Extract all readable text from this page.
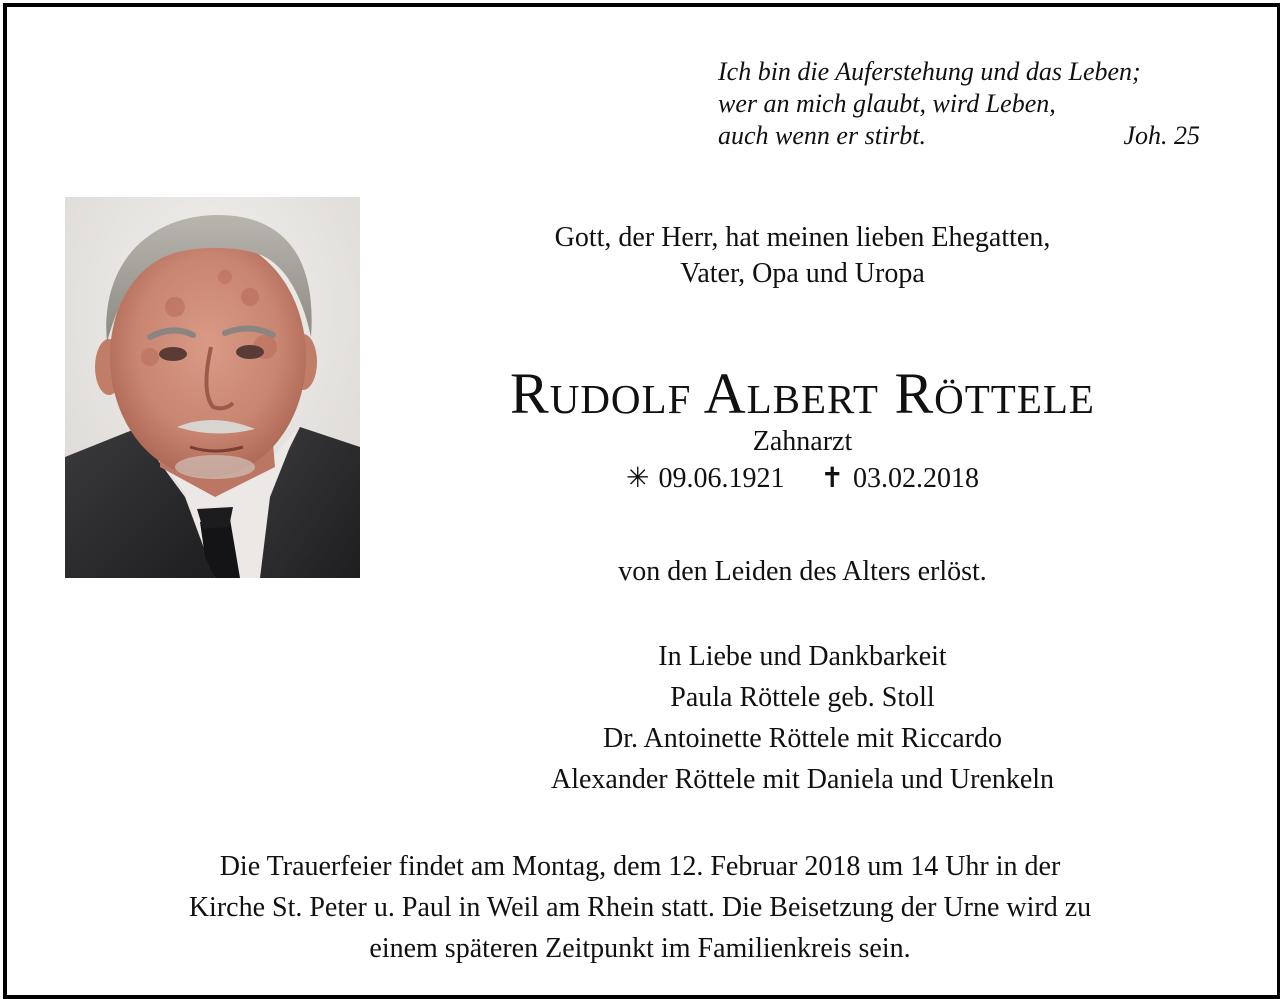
Ich bin die Auferstehung und das Leben;
wer an mich glaubt, wird Leben,
auch wenn er stirbt.	Joh. 25
Gott, der Herr, hat meinen lieben Ehegatten,
Vater, Opa und Uropa
Rudolf Albert Röttele
Zahnarzt
✳ 09.06.1921 ✝ 03.02.2018
von den Leiden des Alters erlöst.
In Liebe und Dankbarkeit
Paula Röttele geb. Stoll
Dr. Antoinette Röttele mit Riccardo
Alexander Röttele mit Daniela und Urenkeln
Die Trauerfeier findet am Montag, dem 12. Februar 2018 um 14 Uhr in der
Kirche St. Peter u. Paul in Weil am Rhein statt. Die Beisetzung der Urne wird zu
einem späteren Zeitpunkt im Familienkreis sein.
